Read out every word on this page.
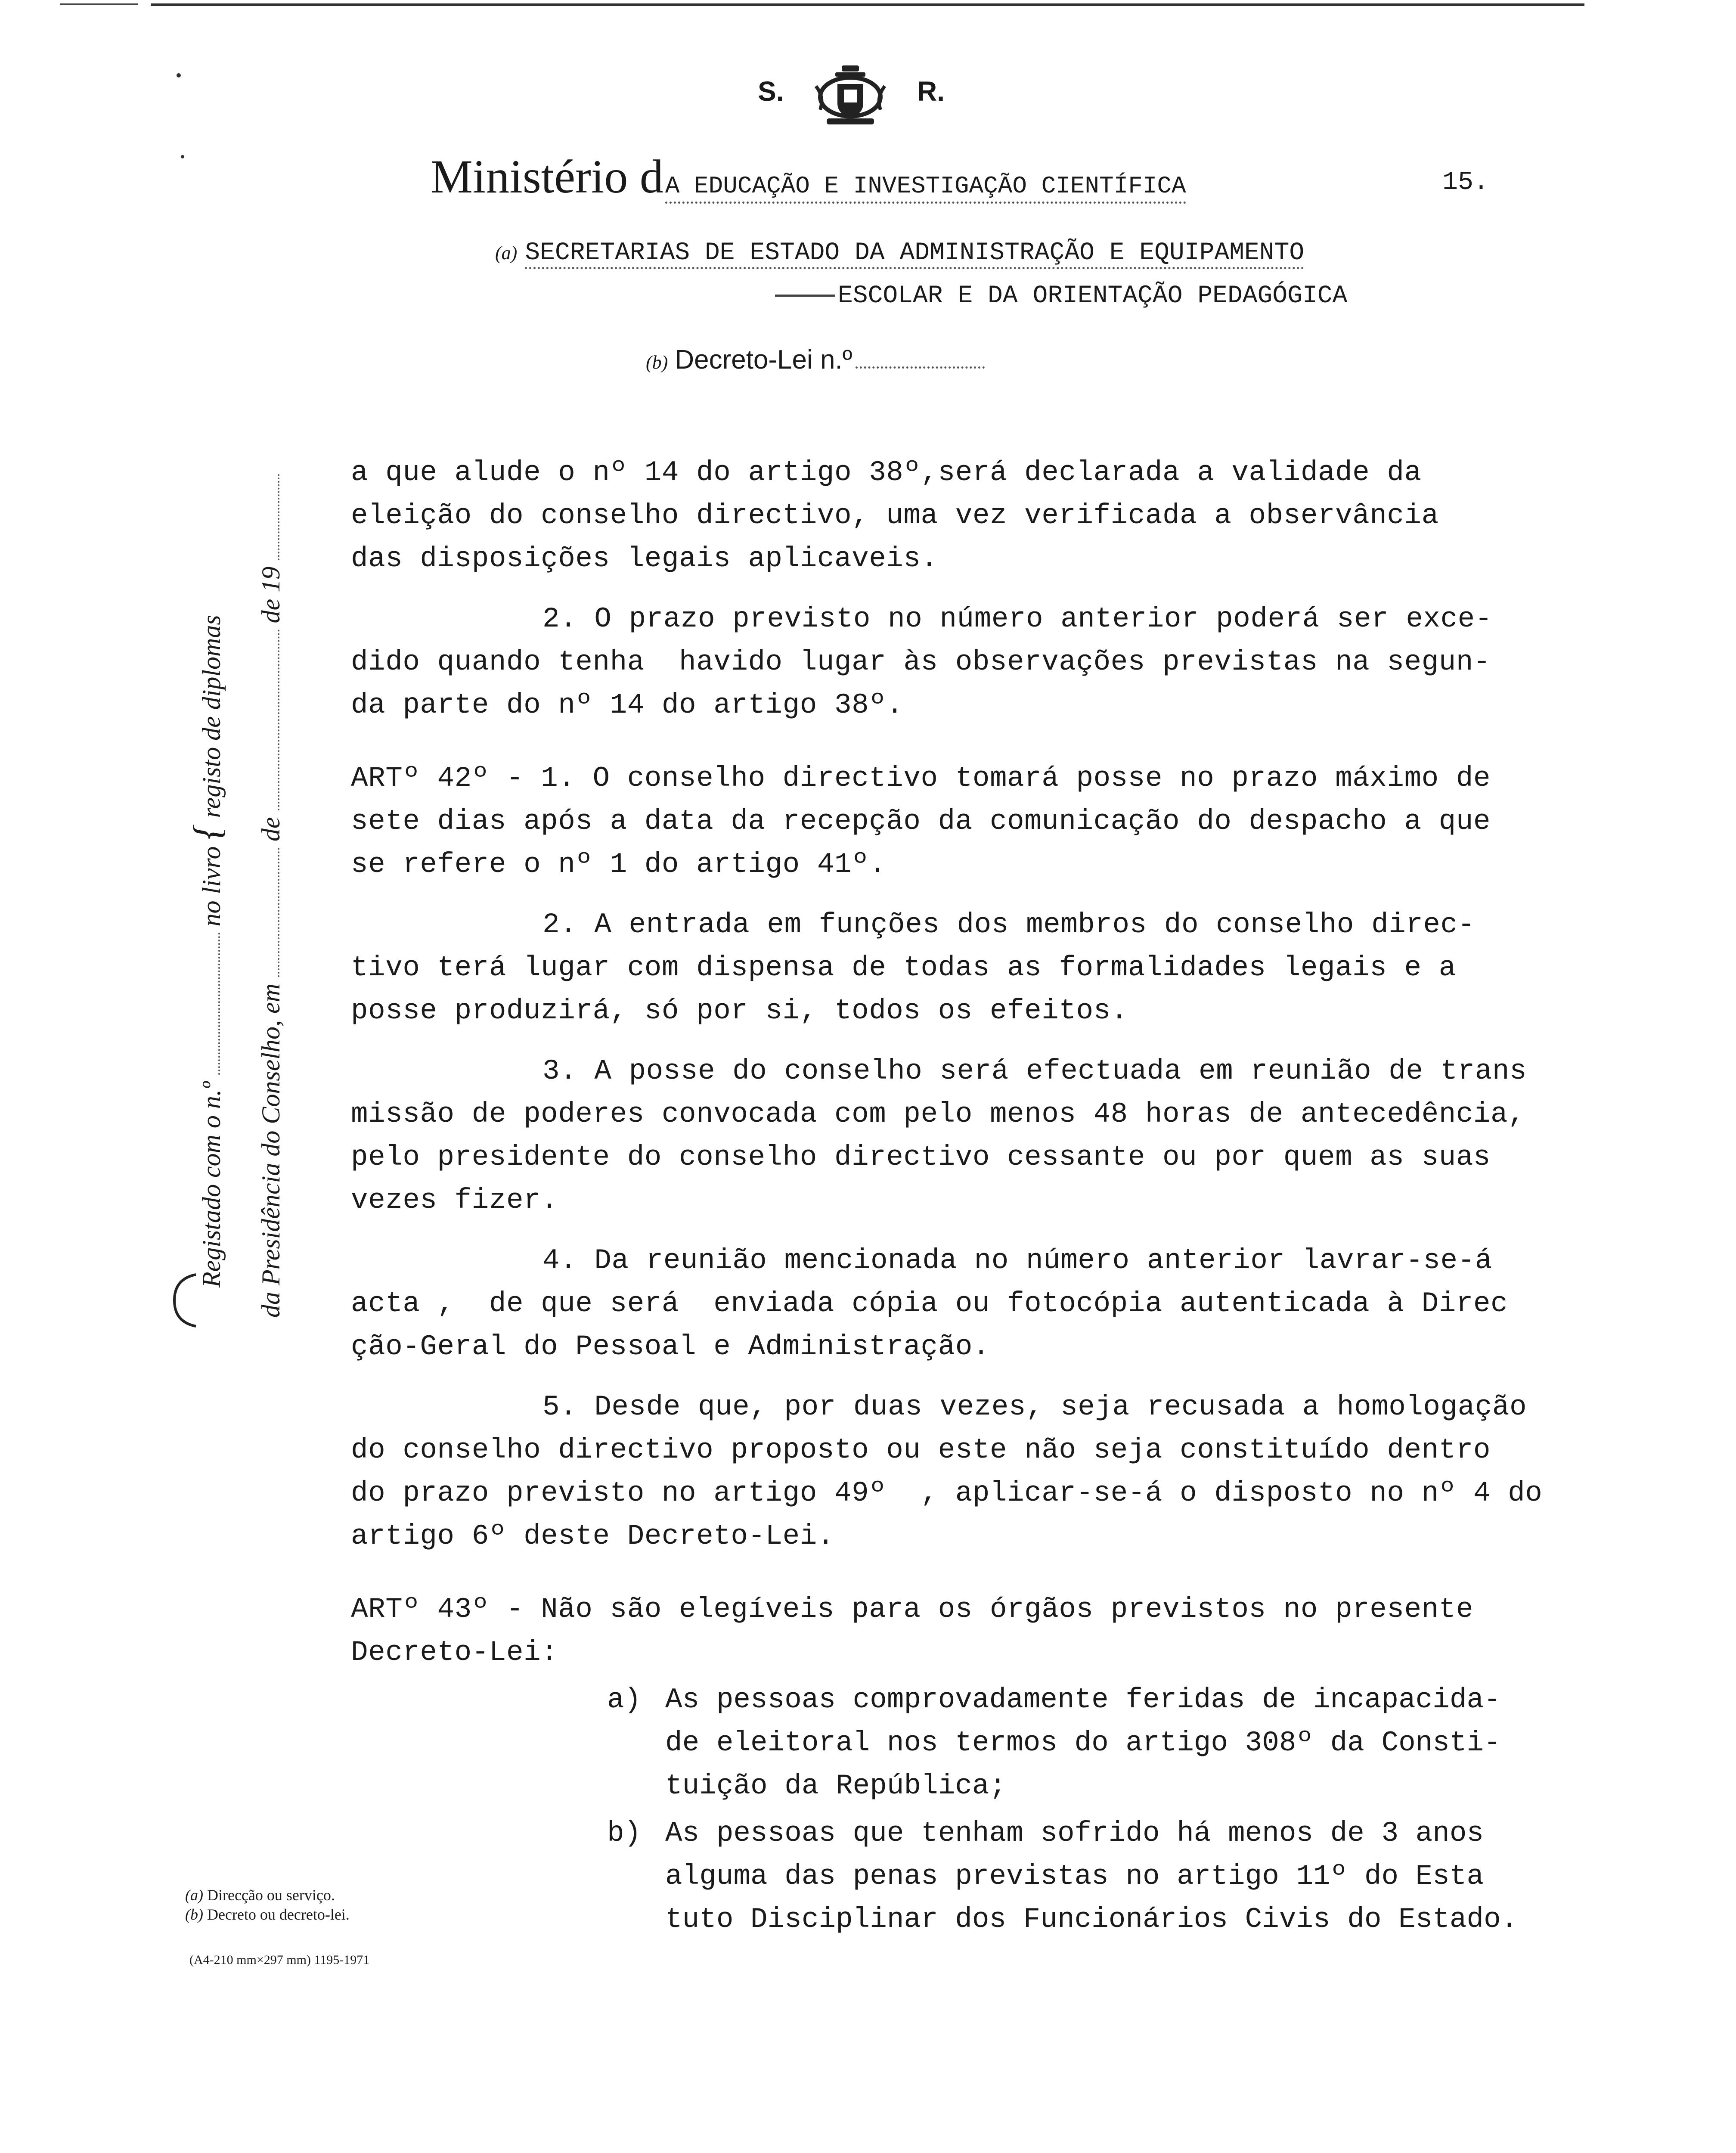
S.	R.
Ministério dA EDUCAÇÃO E INVESTIGAÇÃO CIENTÍFICA	15.
(a) SECRETARIAS DE ESTADO DA ADMINISTRAÇÃO E EQUIPAMENTO
ESCOLAR E DA ORIENTAÇÃO PEDAGÓGICA
(b) Decreto-Lei n.º
Registado com o n.º  no livro { registo de diplomas
da Presidência do Conselho, em  de  de 19
a que alude o nº 14 do artigo 38º,será declarada a validade da
eleição do conselho directivo, uma vez verificada a observância
das disposições legais aplicaveis.
2. O prazo previsto no número anterior poderá ser exce-
dido quando tenha  havido lugar às observações previstas na segun-
da parte do nº 14 do artigo 38º.
ARTº 42º - 1. O conselho directivo tomará posse no prazo máximo de
sete dias após a data da recepção da comunicação do despacho a que
se refere o nº 1 do artigo 41º.
2. A entrada em funções dos membros do conselho direc-
tivo terá lugar com dispensa de todas as formalidades legais e a
posse produzirá, só por si, todos os efeitos.
3. A posse do conselho será efectuada em reunião de trans
missão de poderes convocada com pelo menos 48 horas de antecedência,
pelo presidente do conselho directivo cessante ou por quem as suas
vezes fizer.
4. Da reunião mencionada no número anterior lavrar-se-á
acta ,  de que será  enviada cópia ou fotocópia autenticada à Direc
ção-Geral do Pessoal e Administração.
5. Desde que, por duas vezes, seja recusada a homologação
do conselho directivo proposto ou este não seja constituído dentro
do prazo previsto no artigo 49º  , aplicar-se-á o disposto no nº 4 do
artigo 6º deste Decreto-Lei.
ARTº 43º - Não são elegíveis para os órgãos previstos no presente
Decreto-Lei:
a) As pessoas comprovadamente feridas de incapacida-
de eleitoral nos termos do artigo 308º da Consti-
tuição da República;
b) As pessoas que tenham sofrido há menos de 3 anos
alguma das penas previstas no artigo 11º do Esta
tuto Disciplinar dos Funcionários Civis do Estado.
(a) Direcção ou serviço.
(b) Decreto ou decreto-lei.
(A4-210 mm×297 mm) 1195-1971
